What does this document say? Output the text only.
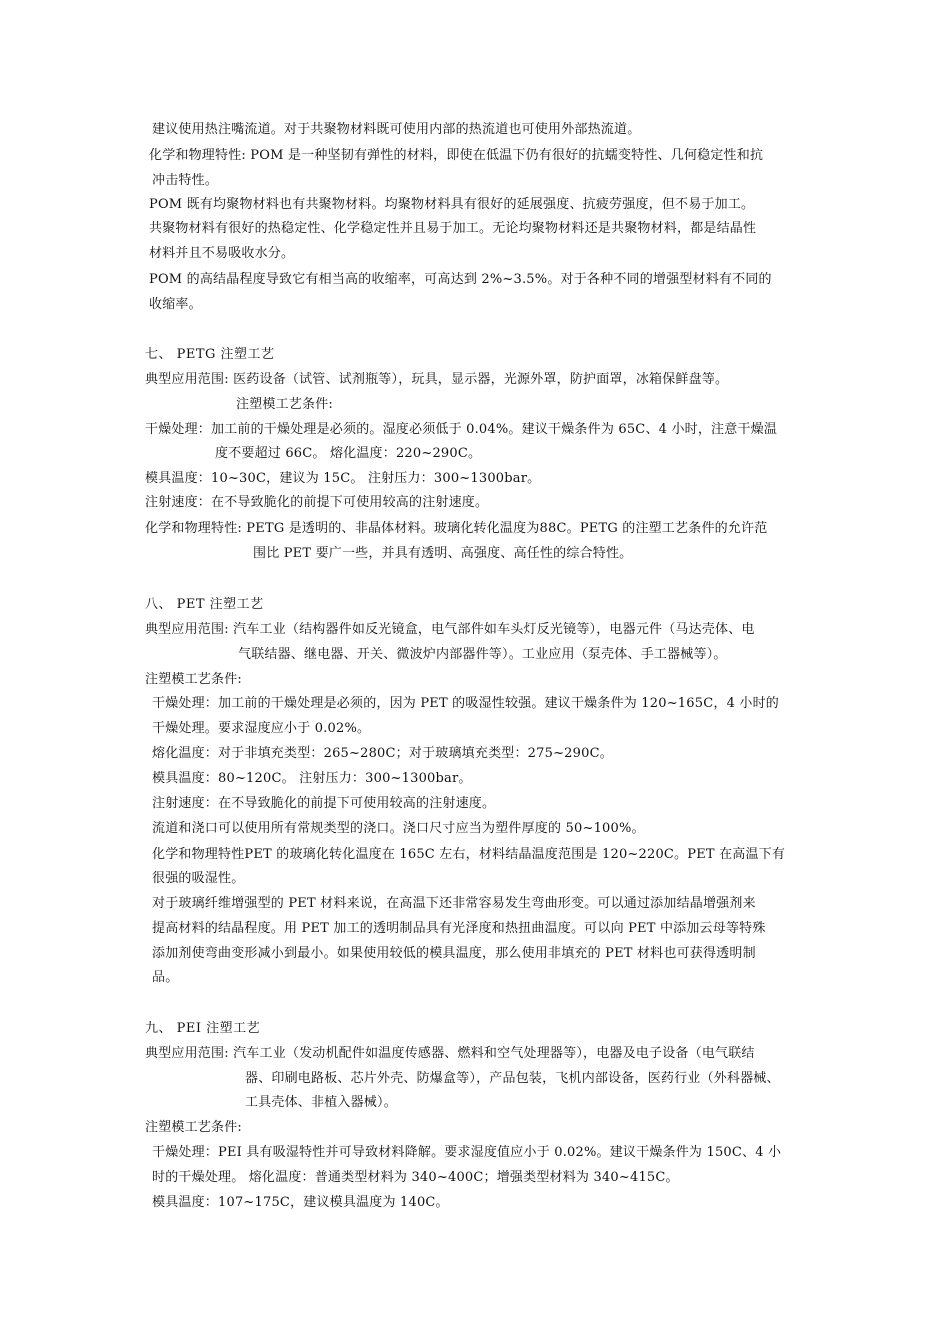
建议使用热注嘴流道。对于共聚物材料既可使用内部的热流道也可使用外部热流道。
化学和物理特性: POM 是一种坚韧有弹性的材料，即使在低温下仍有很好的抗蠕变特性、几何稳定性和抗
冲击特性。
POM 既有均聚物材料也有共聚物材料。均聚物材料具有很好的延展强度、抗疲劳强度，但不易于加工。
共聚物材料有很好的热稳定性、化学稳定性并且易于加工。无论均聚物材料还是共聚物材料，都是结晶性
材料并且不易吸收水分。
POM 的高结晶程度导致它有相当高的收缩率，可高达到 2%~3.5%。对于各种不同的增强型材料有不同的
收缩率。
七、 PETG 注塑工艺
典型应用范围: 医药设备（试管、试剂瓶等），玩具，显示器，光源外罩，防护面罩，冰箱保鲜盘等。
注塑模工艺条件:
干燥处理：加工前的干燥处理是必须的。湿度必须低于 0.04%。建议干燥条件为 65C、4 小时，注意干燥温
度不要超过 66C。 熔化温度：220~290C。
模具温度：10~30C，建议为 15C。 注射压力：300~1300bar。
注射速度：在不导致脆化的前提下可使用较高的注射速度。
化学和物理特性: PETG 是透明的、非晶体材料。玻璃化转化温度为88C。PETG 的注塑工艺条件的允许范
围比 PET 要广一些，并具有透明、高强度、高任性的综合特性。
八、 PET 注塑工艺
典型应用范围: 汽车工业（结构器件如反光镜盒，电气部件如车头灯反光镜等），电器元件（马达壳体、电
气联结器、继电器、开关、微波炉内部器件等）。工业应用（泵壳体、手工器械等）。
注塑模工艺条件:
干燥处理：加工前的干燥处理是必须的，因为 PET 的吸湿性较强。建议干燥条件为 120~165C，4 小时的
干燥处理。要求湿度应小于 0.02%。
熔化温度：对于非填充类型：265~280C；对于玻璃填充类型：275~290C。
模具温度：80~120C。 注射压力：300~1300bar。
注射速度：在不导致脆化的前提下可使用较高的注射速度。
流道和浇口可以使用所有常规类型的浇口。浇口尺寸应当为塑件厚度的 50~100%。
化学和物理特性PET 的玻璃化转化温度在 165C 左右，材料结晶温度范围是 120~220C。PET 在高温下有
很强的吸湿性。
对于玻璃纤维增强型的 PET 材料来说，在高温下还非常容易发生弯曲形变。可以通过添加结晶增强剂来
提高材料的结晶程度。用 PET 加工的透明制品具有光泽度和热扭曲温度。可以向 PET 中添加云母等特殊
添加剂使弯曲变形减小到最小。如果使用较低的模具温度，那么使用非填充的 PET 材料也可获得透明制
品。
九、 PEI 注塑工艺
典型应用范围: 汽车工业（发动机配件如温度传感器、燃料和空气处理器等），电器及电子设备（电气联结
器、印刷电路板、芯片外壳、防爆盒等），产品包装，飞机内部设备，医药行业（外科器械、
工具壳体、非植入器械）。
注塑模工艺条件:
干燥处理：PEI 具有吸湿特性并可导致材料降解。要求湿度值应小于 0.02%。建议干燥条件为 150C、4 小
时的干燥处理。 熔化温度：普通类型材料为 340~400C；增强类型材料为 340~415C。
模具温度：107~175C，建议模具温度为 140C。
